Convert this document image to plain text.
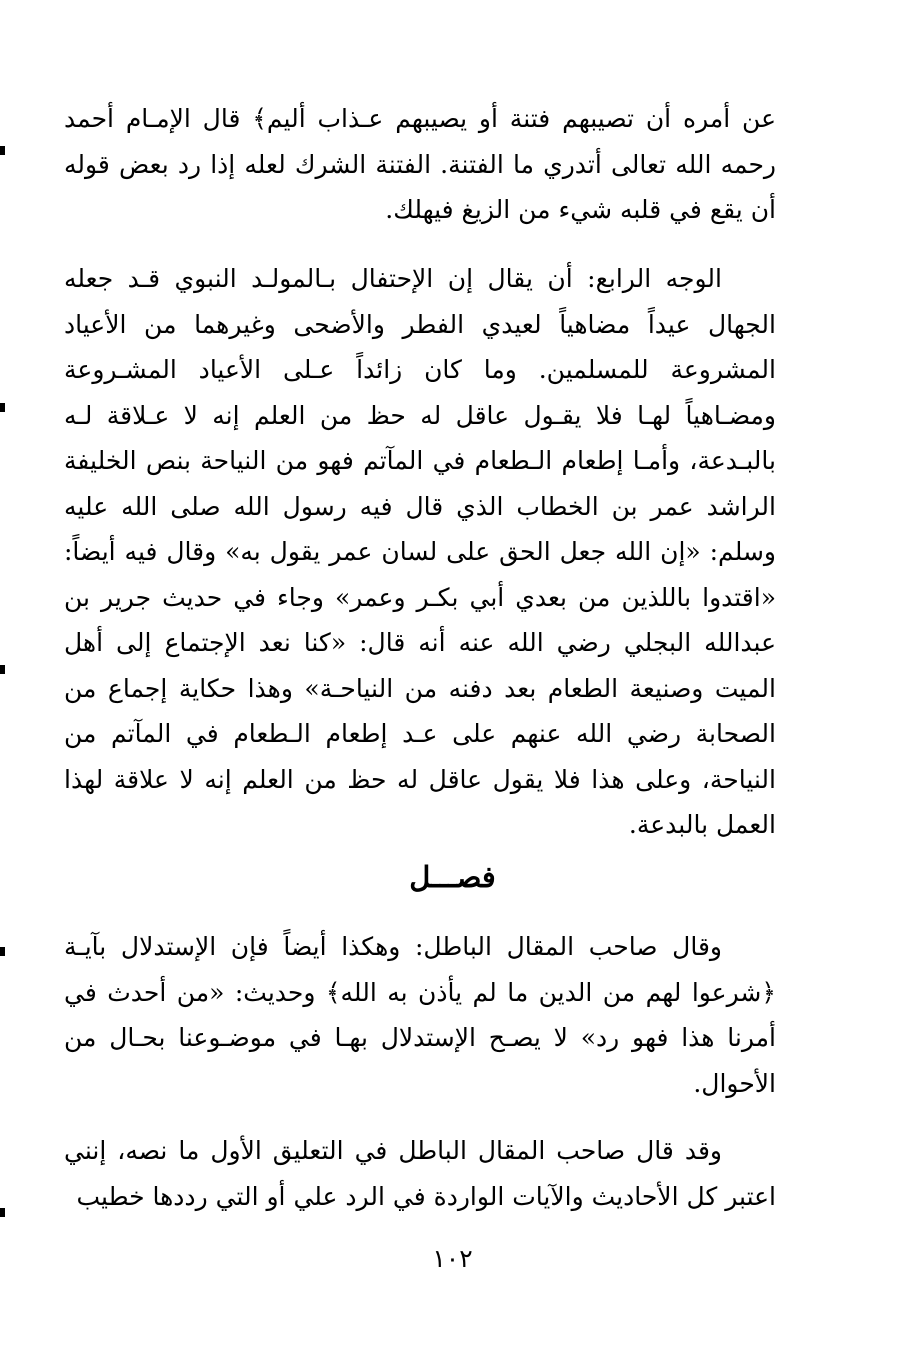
عن أمره أن تصيبهم فتنة أو يصيبهم عـذاب أليم﴾ قال الإمـام أحمد رحمه الله تعالى أتدري ما الفتنة. الفتنة الشرك لعله إذا رد بعض قوله أن يقع في قلبه شيء من الزيغ فيهلك.

الوجه الرابع: أن يقال إن الإحتفال بـالمولـد النبوي قـد جعله الجهال عيداً مضاهياً لعيدي الفطر والأضحى وغيرهما من الأعياد المشروعة للمسلمين. وما كان زائداً عـلى الأعياد المشـروعة ومضـاهياً لهـا فلا يقـول عاقل له حظ من العلم إنه لا عـلاقة لـه بالبـدعة، وأمـا إطعام الـطعام في المآتم فهو من النياحة بنص الخليفة الراشد عمر بن الخطاب الذي قال فيه رسول الله صلى الله عليه وسلم: «إن الله جعل الحق على لسان عمر يقول به» وقال فيه أيضاً: «اقتدوا باللذين من بعدي أبي بكـر وعمر» وجاء في حديث جرير بن عبدالله البجلي رضي الله عنه أنه قال: «كنا نعد الإجتماع إلى أهل الميت وصنيعة الطعام بعد دفنه من النياحـة» وهذا حكاية إجماع من الصحابة رضي الله عنهم على عـد إطعام الـطعام في المآتم من النياحة، وعلى هذا فلا يقول عاقل له حظ من العلم إنه لا علاقة لهذا العمل بالبدعة.

فصـــل

وقال صاحب المقال الباطل: وهكذا أيضاً فإن الإستدلال بآيـة ﴿شرعوا لهم من الدين ما لم يأذن به الله﴾ وحديث: «من أحدث في أمرنا هذا فهو رد» لا يصـح الإستدلال بهـا في موضـوعنا بحـال من الأحوال.

وقد قال صاحب المقال الباطل في التعليق الأول ما نصه، إنني اعتبر كل الأحاديث والآيات الواردة في الرد علي أو التي رددها خطيب

١٠٢
